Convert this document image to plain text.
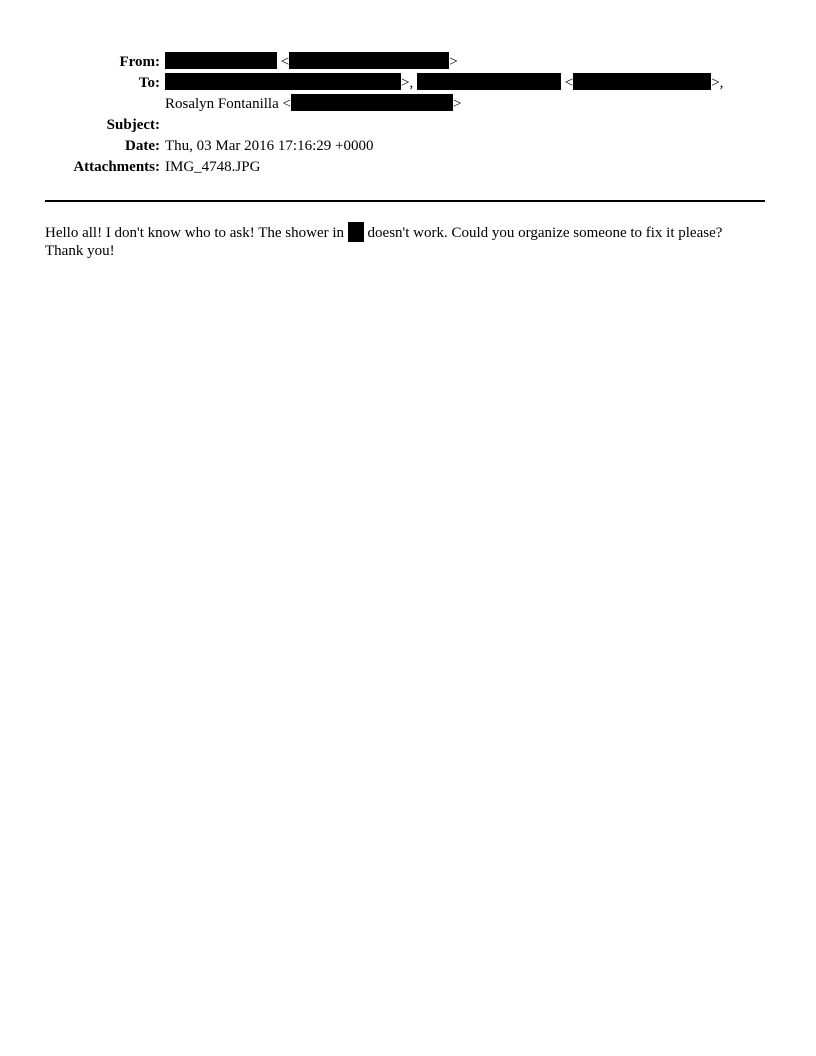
From:	<	>
To:	>,	<	>,
Rosalyn Fontanilla <	>
Subject:
Date: Thu, 03 Mar 2016 17:16:29 +0000
Attachments: IMG_4748.JPG
Hello all! I don't know who to ask! The shower in  doesn't work. Could you organize someone to fix it please?
Thank you!
